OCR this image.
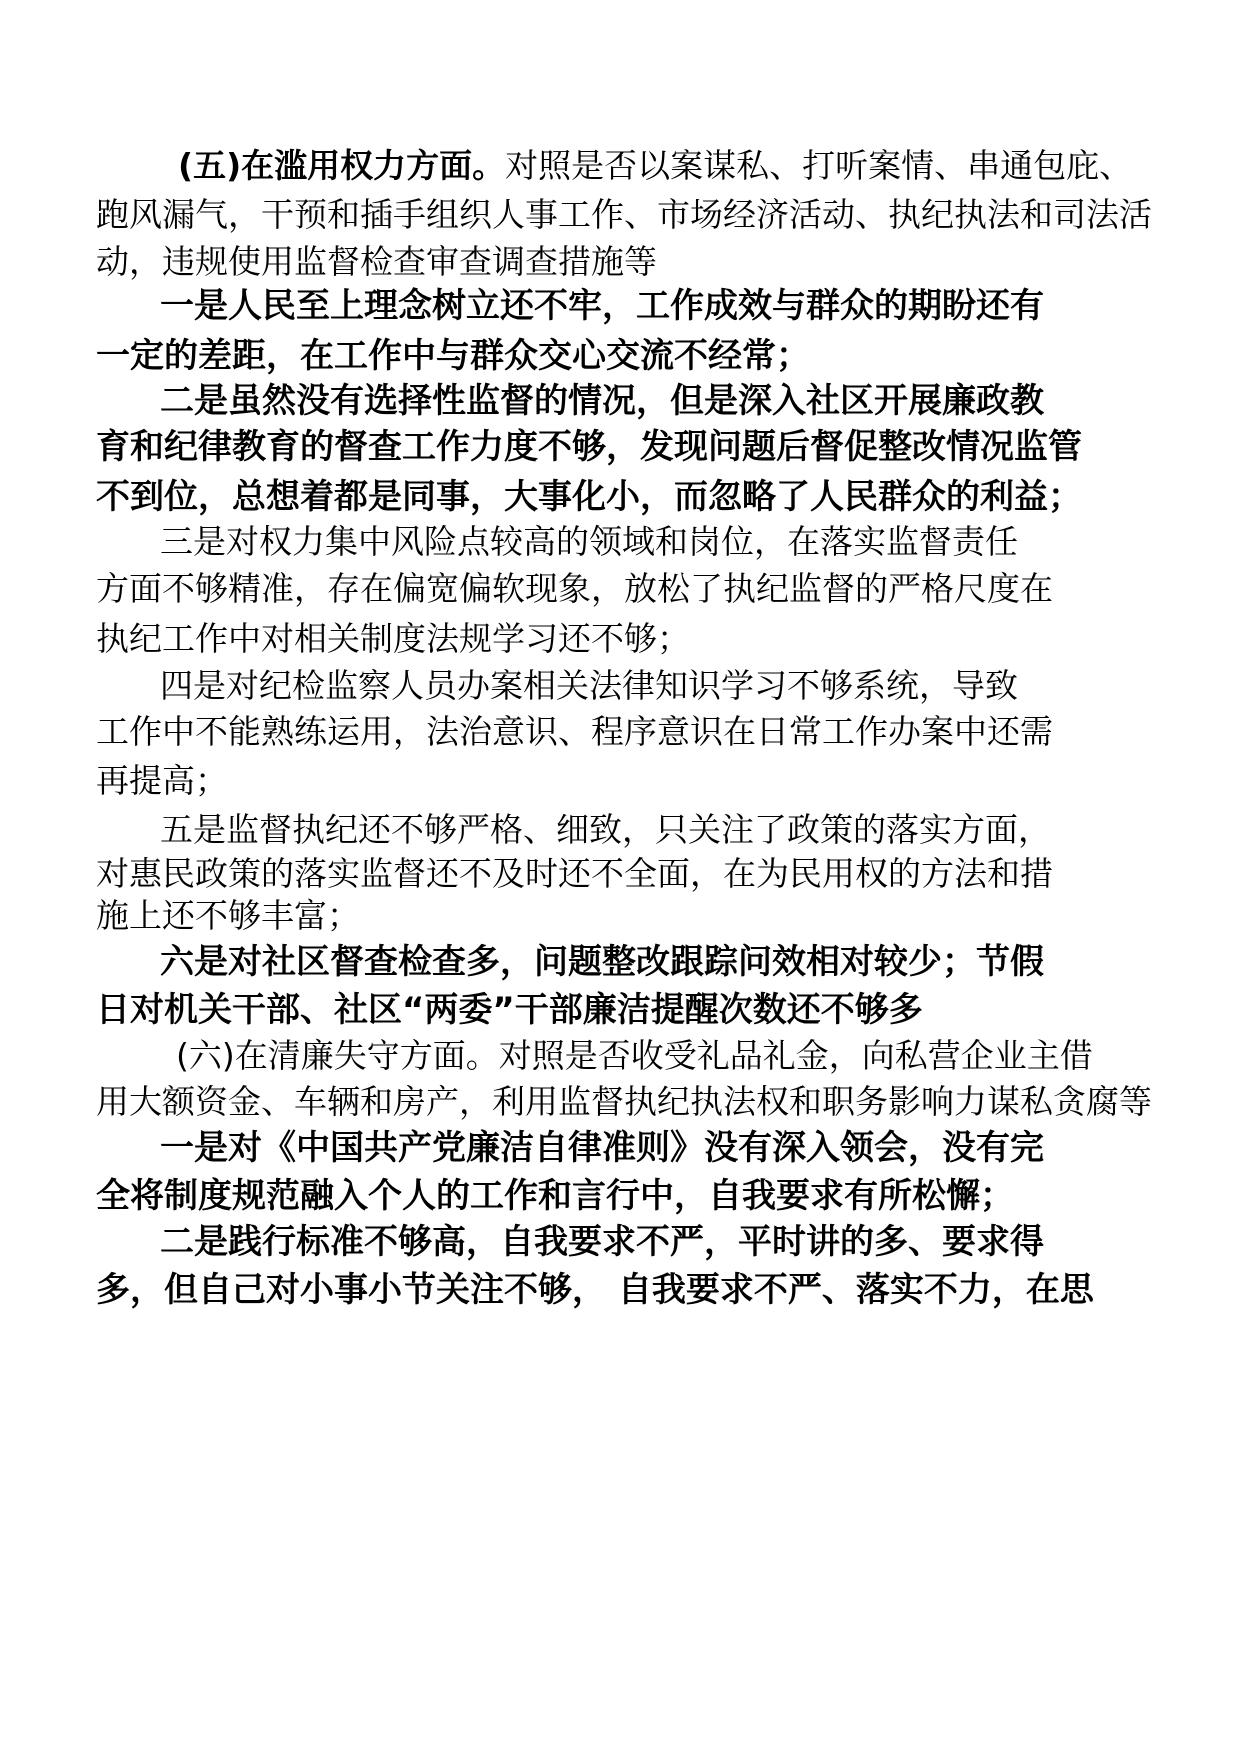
(五)在滥用权力方面。对照是否以案谋私、打听案情、串通包庇、

跑风漏气，干预和插手组织人事工作、市场经济活动、执纪执法和司法活

动，违规使用监督检查审查调查措施等

一是人民至上理念树立还不牢，工作成效与群众的期盼还有

一定的差距，在工作中与群众交心交流不经常；

二是虽然没有选择性监督的情况，但是深入社区开展廉政教

育和纪律教育的督查工作力度不够，发现问题后督促整改情况监管

不到位，总想着都是同事，大事化小，而忽略了人民群众的利益；

三是对权力集中风险点较高的领域和岗位，在落实监督责任

方面不够精准，存在偏宽偏软现象，放松了执纪监督的严格尺度在

执纪工作中对相关制度法规学习还不够；

四是对纪检监察人员办案相关法律知识学习不够系统，导致

工作中不能熟练运用，法治意识、程序意识在日常工作办案中还需

再提高；

五是监督执纪还不够严格、细致，只关注了政策的落实方面，

对惠民政策的落实监督还不及时还不全面，在为民用权的方法和措

施上还不够丰富；

六是对社区督查检查多，问题整改跟踪问效相对较少；节假

日对机关干部、社区“两委”干部廉洁提醒次数还不够多

(六)在清廉失守方面。对照是否收受礼品礼金，向私营企业主借

用大额资金、车辆和房产，利用监督执纪执法权和职务影响力谋私贪腐等

一是对《中国共产党廉洁自律准则》没有深入领会，没有完

全将制度规范融入个人的工作和言行中，自我要求有所松懈；

二是践行标准不够高，自我要求不严，平时讲的多、要求得

多，但自己对小事小节关注不够， 自我要求不严、落实不力，在思
